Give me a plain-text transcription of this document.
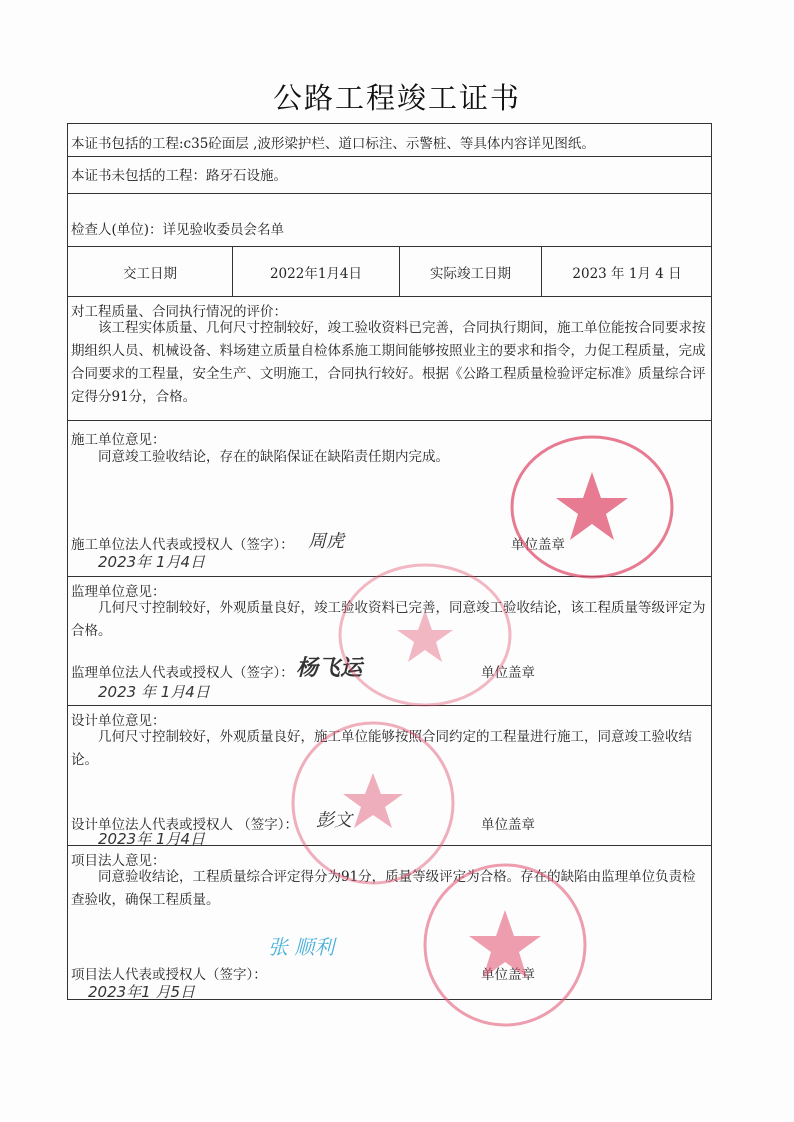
公路工程竣工证书
本证书包括的工程:c35砼面层 ,波形梁护栏、道口标注、示警桩、等具体内容详见图纸。
本证书未包括的工程：路牙石设施。
检查人(单位)：详见验收委员会名单
交工日期	2022年1月4日	实际竣工日期	2023 年 1月 4 日
对工程质量、合同执行情况的评价：
该工程实体质量、几何尺寸控制较好，竣工验收资料已完善，合同执行期间，施工单位能按合同要求按期组织人员、机械设备、料场建立质量自检体系施工期间能够按照业主的要求和指令，力促工程质量，完成合同要求的工程量，安全生产、文明施工，合同执行较好。根据《公路工程质量检验评定标准》质量综合评定得分91分，合格。
施工单位意见：
同意竣工验收结论，存在的缺陷保证在缺陷责任期内完成。
施工单位法人代表或授权人（签字）： 周虎	单位盖章
2023年 1月4日
监理单位意见：
几何尺寸控制较好，外观质量良好，竣工验收资料已完善，同意竣工验收结论，该工程质量等级评定为合格。
监理单位法人代表或授权人（签字）： 杨飞运	单位盖章
2023 年 1月4日
设计单位意见：
几何尺寸控制较好，外观质量良好，施工单位能够按照合同约定的工程量进行施工，同意竣工验收结论。
设计单位法人代表或授权人 （签字）： 彭文	单位盖章
2023年 1月4日
项目法人意见：
同意验收结论，工程质量综合评定得分为91分，质量等级评定为合格。存在的缺陷由监理单位负责检查验收，确保工程质量。
张 顺利
项目法人代表或授权人（签字）：	单位盖章
2023年1 月5日
